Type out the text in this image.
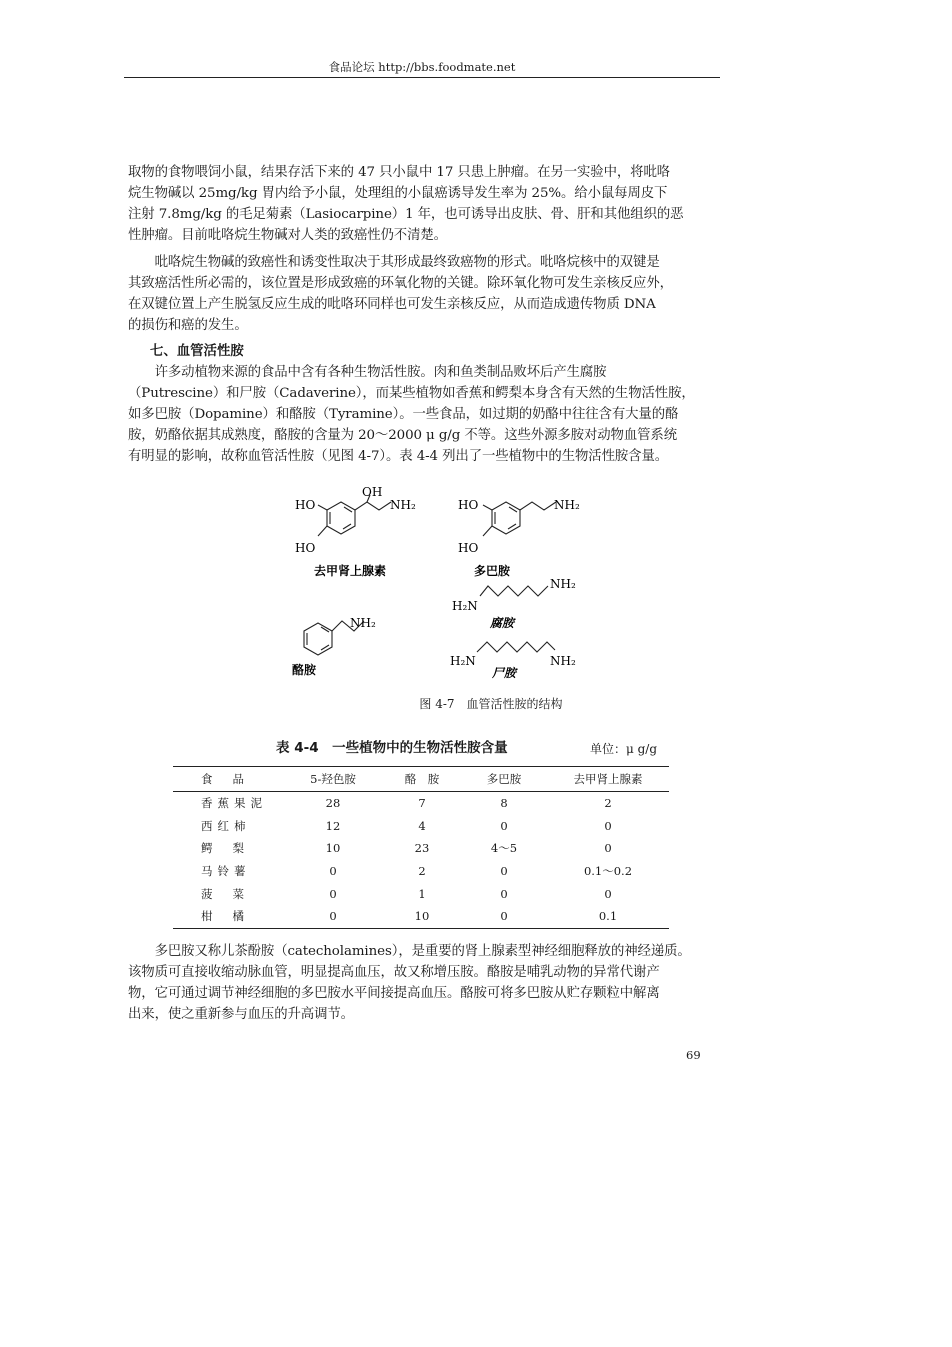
食品论坛 http://bbs.foodmate.net
取物的食物喂饲小鼠，结果存活下来的 47 只小鼠中 17 只患上肿瘤。在另一实验中，将吡咯
烷生物碱以 25mg/kg 胃内给予小鼠，处理组的小鼠癌诱导发生率为 25%。给小鼠每周皮下
注射 7.8mg/kg 的毛足菊素（Lasiocarpine）1 年，也可诱导出皮肤、骨、肝和其他组织的恶
性肿瘤。目前吡咯烷生物碱对人类的致癌性仍不清楚。
　　吡咯烷生物碱的致癌性和诱变性取决于其形成最终致癌物的形式。吡咯烷核中的双键是
其致癌活性所必需的，该位置是形成致癌的环氧化物的关键。除环氧化物可发生亲核反应外，
在双键位置上产生脱氢反应生成的吡咯环同样也可发生亲核反应，从而造成遗传物质 DNA
的损伤和癌的发生。
七、血管活性胺
　　许多动植物来源的食品中含有各种生物活性胺。肉和鱼类制品败坏后产生腐胺
（Putrescine）和尸胺（Cadaverine），而某些植物如香蕉和鳄梨本身含有天然的生物活性胺，
如多巴胺（Dopamine）和酪胺（Tyramine）。一些食品，如过期的奶酪中往往含有大量的酪
胺，奶酪依据其成熟度，酪胺的含量为 20～2000 μ g/g 不等。这些外源多胺对动物血管系统
有明显的影响，故称血管活性胺（见图 4-7）。表 4-4 列出了一些植物中的生物活性胺含量。
HO
HO
OH
NH₂	HO
HO
NH₂
NH₂
H₂N
NH₂
H₂N	NH₂
去甲肾上腺素	多巴胺
腐胺
酪胺	尸胺
图 4-7　血管活性胺的结构
表 4-4　一些植物中的生物活性胺含量	单位：μ g/g
食品	5-羟色胺	酪　胺	多巴胺	去甲肾上腺素
香蕉果泥	28	7	8	2
西红柿	12	4	0	0
鳄梨	10	23	4～5	0
马铃薯	0	2	0	0.1～0.2
菠菜	0	1	0	0
柑橘	0	10	0	0.1
　　多巴胺又称儿茶酚胺（catecholamines），是重要的肾上腺素型神经细胞释放的神经递质。
该物质可直接收缩动脉血管，明显提高血压，故又称增压胺。酪胺是哺乳动物的异常代谢产
物，它可通过调节神经细胞的多巴胺水平间接提高血压。酪胺可将多巴胺从贮存颗粒中解离
出来，使之重新参与血压的升高调节。
69
